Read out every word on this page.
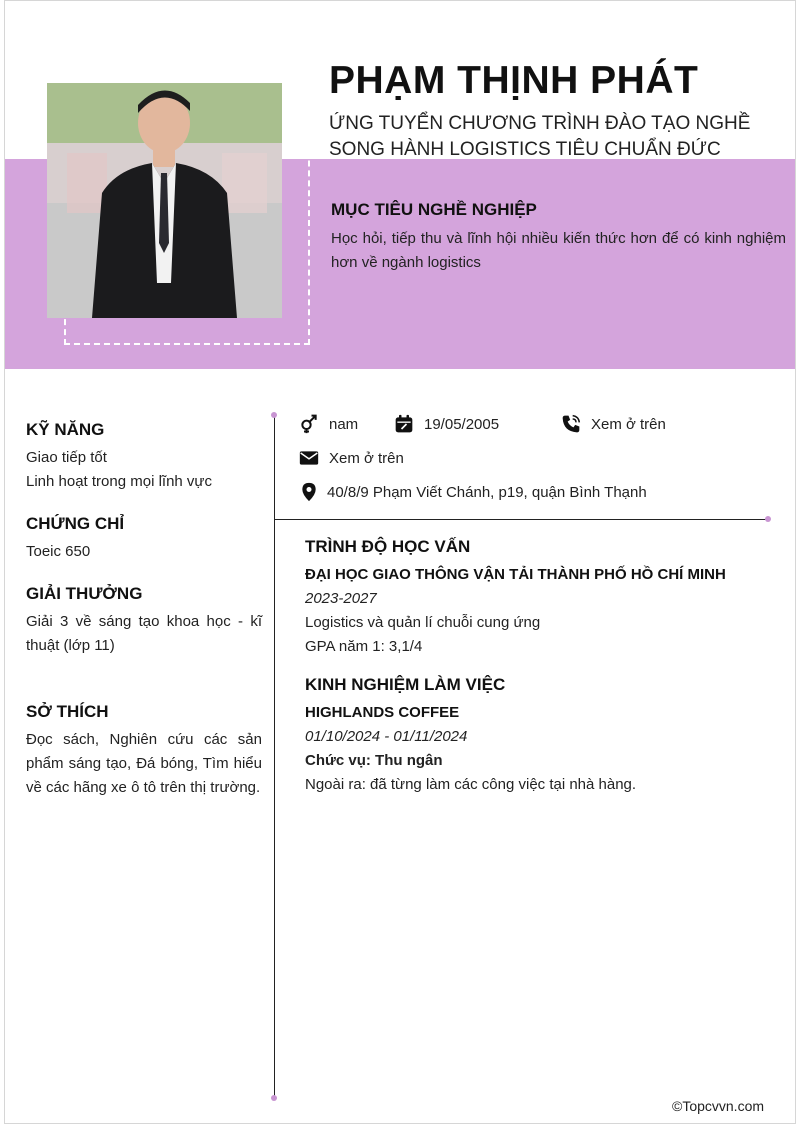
PHẠM THỊNH PHÁT
ỨNG TUYỂN CHƯƠNG TRÌNH ĐÀO TẠO NGHỀ SONG HÀNH LOGISTICS TIÊU CHUẨN ĐỨC
MỤC TIÊU NGHỀ NGHIỆP
Học hỏi, tiếp thu và lĩnh hội nhiều kiến thức hơn để có kinh nghiệm hơn về ngành logistics
KỸ NĂNG
Giao tiếp tốt
Linh hoạt trong mọi lĩnh vực
CHỨNG CHỈ
Toeic 650
GIẢI THƯỞNG
Giải 3 về sáng tạo khoa học - kĩ thuật (lớp 11)
SỞ THÍCH
Đọc sách, Nghiên cứu các sản phẩm sáng tạo, Đá bóng, Tìm hiểu về các hãng xe ô tô trên thị trường.
nam	19/05/2005	Xem ở trên
Xem ở trên
40/8/9 Phạm Viết Chánh, p19, quận Bình Thạnh
TRÌNH ĐỘ HỌC VẤN
ĐẠI HỌC GIAO THÔNG VẬN TẢI THÀNH PHỐ HỒ CHÍ MINH
2023-2027
Logistics và quản lí chuỗi cung ứng
GPA năm 1: 3,1/4
KINH NGHIỆM LÀM VIỆC
HIGHLANDS COFFEE
01/10/2024 - 01/11/2024
Chức vụ: Thu ngân
Ngoài ra: đã từng làm các công việc tại nhà hàng.
©Topcvvn.com
